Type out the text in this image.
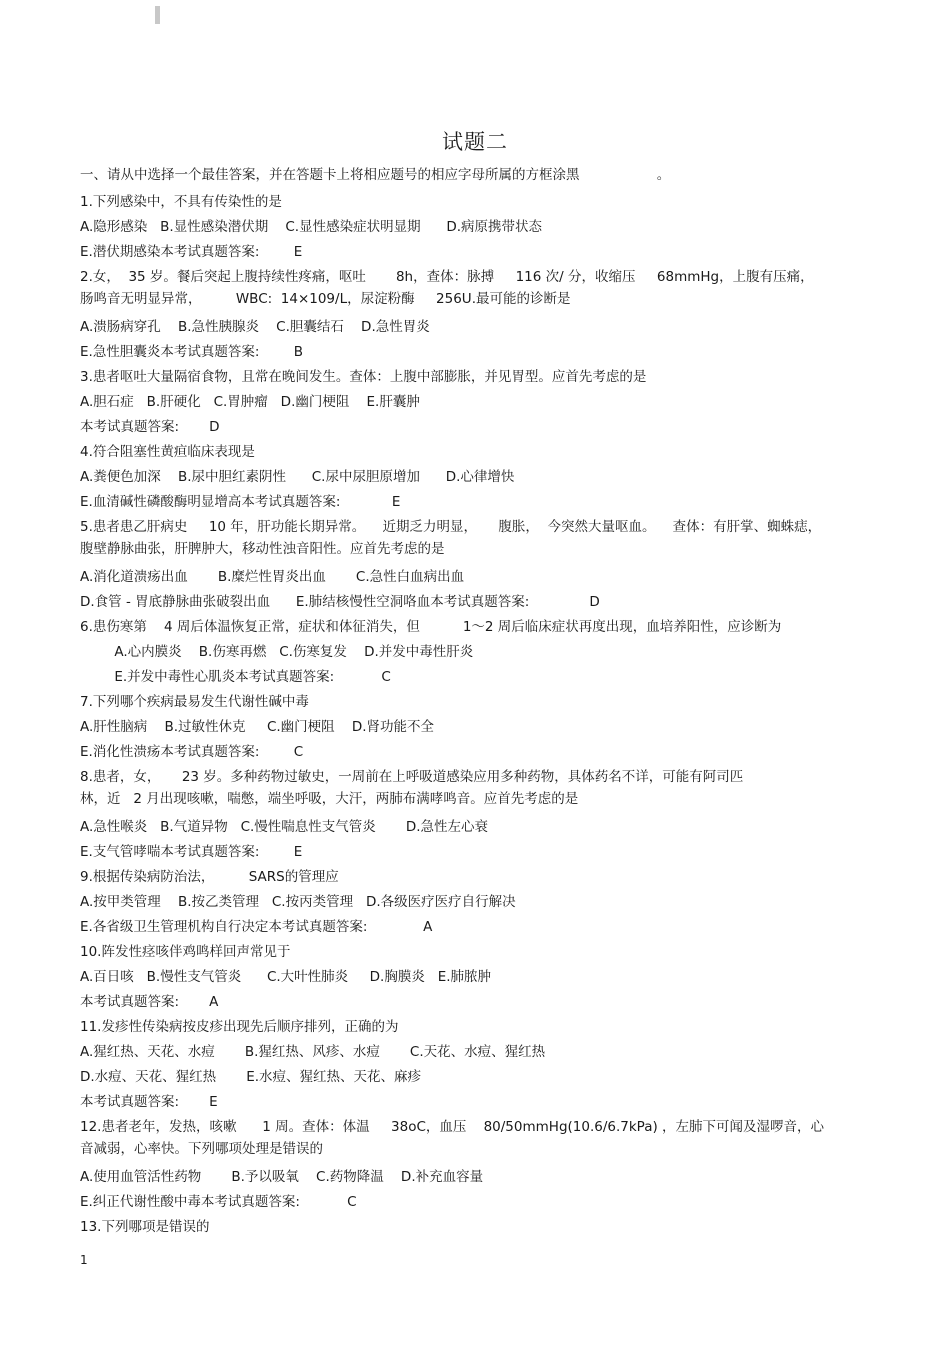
试题二
一、请从中选择一个最佳答案，并在答题卡上将相应题号的相应字母所属的方框涂黑                  。
1.下列感染中，不具有传染性的是
A.隐形感染   B.显性感染潜伏期    C.显性感染症状明显期      D.病原携带状态
E.潜伏期感染本考试真题答案:        E
2.女，  35 岁。餐后突起上腹持续性疼痛，呕吐       8h，查体：脉搏     116 次/ 分，收缩压     68mmHg，上腹有压痛，
肠鸣音无明显异常，        WBC:  14×109/L，尿淀粉酶     256U.最可能的诊断是
A.溃肠病穿孔    B.急性胰腺炎    C.胆囊结石    D.急性胃炎
E.急性胆囊炎本考试真题答案:        B
3.患者呕吐大量隔宿食物，且常在晚间发生。查体：上腹中部膨胀，并见胃型。应首先考虑的是
A.胆石症   B.肝硬化   C.胃肿瘤   D.幽门梗阻    E.肝囊肿
本考试真题答案:       D
4.符合阻塞性黄疸临床表现是
A.粪便色加深    B.尿中胆红素阴性      C.尿中尿胆原增加      D.心律增快
E.血清碱性磷酸酶明显增高本考试真题答案:            E
5.患者患乙肝病史     10 年，肝功能长期异常。    近期乏力明显，     腹胀，  今突然大量呕血。    查体：有肝掌、蜘蛛痣，
腹壁静脉曲张，肝脾肿大，移动性浊音阳性。应首先考虑的是
A.消化道溃疡出血       B.糜烂性胃炎出血       C.急性白血病出血
D.食管 - 胃底静脉曲张破裂出血      E.肺结核慢性空洞咯血本考试真题答案:              D
6.患伤寒第    4 周后体温恢复正常，症状和体征消失，但          1～2 周后临床症状再度出现，血培养阳性，应诊断为
A.心内膜炎    B.伤寒再燃   C.伤寒复发    D.并发中毒性肝炎
E.并发中毒性心肌炎本考试真题答案:           C
7.下列哪个疾病最易发生代谢性碱中毒
A.肝性脑病    B.过敏性休克     C.幽门梗阻    D.肾功能不全
E.消化性溃疡本考试真题答案:        C
8.患者，女，     23 岁。多种药物过敏史，一周前在上呼吸道感染应用多种药物，具体药名不详，可能有阿司匹
林，近   2 月出现咳嗽，喘憋，端坐呼吸，大汗，两肺布满哮鸣音。应首先考虑的是
A.急性喉炎   B.气道异物   C.慢性喘息性支气管炎       D.急性左心衰
E.支气管哮喘本考试真题答案:        E
9.根据传染病防治法，        SARS的管理应
A.按甲类管理    B.按乙类管理   C.按丙类管理   D.各级医疗医疗自行解决
E.各省级卫生管理机构自行决定本考试真题答案:             A
10.阵发性痉咳伴鸡鸣样回声常见于
A.百日咳   B.慢性支气管炎      C.大叶性肺炎     D.胸膜炎   E.肺脓肿
本考试真题答案:       A
11.发疹性传染病按皮疹出现先后顺序排列，正确的为
A.猩红热、天花、水痘       B.猩红热、风疹、水痘       C.天花、水痘、猩红热
D.水痘、天花、猩红热       E.水痘、猩红热、天花、麻疹
本考试真题答案:       E
12.患者老年，发热，咳嗽      1 周。查体：体温     38oC，血压    80/50mmHg(10.6/6.7kPa) ，左肺下可闻及湿啰音，心
音减弱，心率快。下列哪项处理是错误的
A.使用血管活性药物       B.予以吸氧    C.药物降温    D.补充血容量
E.纠正代谢性酸中毒本考试真题答案:           C
13.下列哪项是错误的
1
